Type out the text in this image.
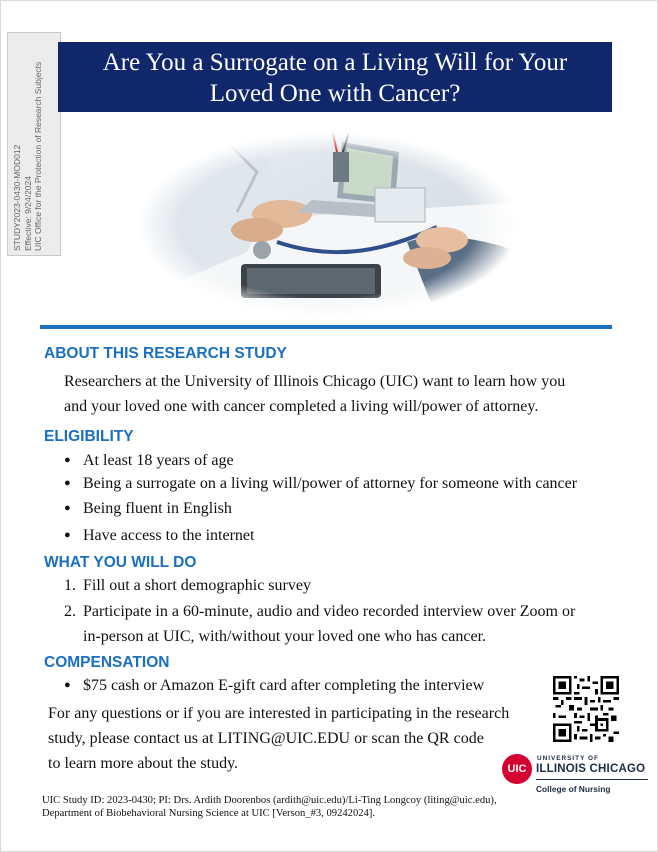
STUDY2023-0430-MOD012 Effective: 9/24/2024 UIC Office for the Protection of Research Subjects	Are You a Surrogate on a Living Will for Your
Loved One with Cancer?
ABOUT THIS RESEARCH STUDY
Researchers at the University of Illinois Chicago (UIC) want to learn how you
and your loved one with cancer completed a living will/power of attorney.
ELIGIBILITY
● At least 18 years of age
● Being a surrogate on a living will/power of attorney for someone with cancer
● Being fluent in English
● Have access to the internet
WHAT YOU WILL DO
1. Fill out a short demographic survey
2. Participate in a 60-minute, audio and video recorded interview over Zoom or
in-person at UIC, with/without your loved one who has cancer.
COMPENSATION
● $75 cash or Amazon E-gift card after completing the interview
For any questions or if you are interested in participating in the research
study, please contact us at LITING@UIC.EDU or scan the QR code
to learn more about the study.	UIC
UNIVERSITY OF
ILLINOIS CHICAGO
College of Nursing
UIC Study ID: 2023-0430; PI: Drs. Ardith Doorenbos (ardith@uic.edu)/Li-Ting Longcoy (liting@uic.edu),
Department of Biobehavioral Nursing Science at UIC [Verson_#3, 09242024].
